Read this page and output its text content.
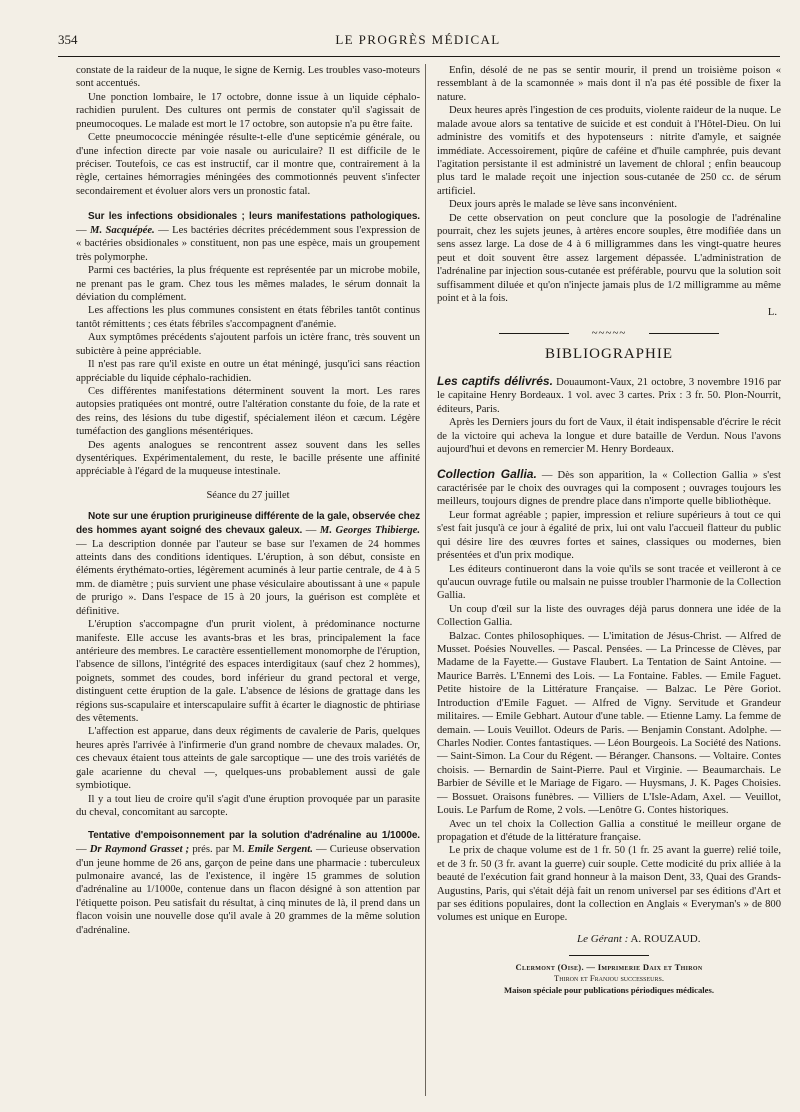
354	LE PROGRÈS MÉDICAL

constate de la raideur de la nuque, le signe de Kernig. Les troubles vaso-moteurs sont accentués.

Une ponction lombaire, le 17 octobre, donne issue à un liquide céphalo-rachidien purulent. Des cultures ont permis de constater qu'il s'agissait de pneumocoques. Le malade est mort le 17 octobre, son autopsie n'a pu être faite.

Cette pneumococcie méningée résulte-t-elle d'une septicémie générale, ou d'une infection directe par voie nasale ou auriculaire? Il est difficile de le préciser. Toutefois, ce cas est instructif, car il montre que, contrairement à la règle, certaines hémorragies méningées des commotionnés peuvent s'infecter secondairement et évoluer alors vers un pronostic fatal.

Sur les infections obsidionales ; leurs manifestations pathologiques. — M. Sacquépée. — Les bactéries décrites précédemment sous l'expression de « bactéries obsidionales » constituent, non pas une espèce, mais un groupement très polymorphe.

Parmi ces bactéries, la plus fréquente est représentée par un microbe mobile, ne prenant pas le gram. Chez tous les mêmes malades, le sérum donnait la déviation du complément.

Les affections les plus communes consistent en états fébriles tantôt continus tantôt rémittents ; ces états fébriles s'accompagnent d'anémie.

Aux symptômes précédents s'ajoutent parfois un ictère franc, très souvent un subictère à peine appréciable.

Il n'est pas rare qu'il existe en outre un état méningé, jusqu'ici sans réaction appréciable du liquide céphalo-rachidien.

Ces différentes manifestations déterminent souvent la mort. Les rares autopsies pratiquées ont montré, outre l'altération constante du foie, de la rate et des reins, des lésions du tube digestif, spécialement iléon et cæcum. Légère tuméfaction des ganglions mésentériques.

Des agents analogues se rencontrent assez souvent dans les selles dysentériques. Expérimentalement, du reste, le bacille présente une affinité appréciable à l'égard de la muqueuse intestinale.

Séance du 27 juillet

Note sur une éruption prurigineuse différente de la gale, observée chez des hommes ayant soigné des chevaux galeux. — M. Georges Thibierge. — La description donnée par l'auteur se base sur l'examen de 24 hommes atteints dans des conditions identiques. L'éruption, à son début, consiste en éléments érythémato-orties, légèrement acuminés à leur partie centrale, de 4 à 5 mm. de diamètre ; puis survient une phase vésiculaire aboutissant à une « papule de prurigo ». Dans l'espace de 15 à 20 jours, la guérison est complète et définitive.

L'éruption s'accompagne d'un prurit violent, à prédominance nocturne manifeste. Elle accuse les avants-bras et les bras, principalement la face antérieure des membres. Le caractère essentiellement monomorphe de l'éruption, l'absence de sillons, l'intégrité des espaces interdigitaux (sauf chez 2 hommes), poignets, sommet des coudes, bord inférieur du grand pectoral et verge, distinguent cette éruption de la gale. L'absence de lésions de grattage dans les régions sus-scapulaire et interscapulaire suffit à écarter le diagnostic de phtiriase des vêtements.

L'affection est apparue, dans deux régiments de cavalerie de Paris, quelques heures après l'arrivée à l'infirmerie d'un grand nombre de chevaux malades. Or, ces chevaux étaient tous atteints de gale sarcoptique — une des trois variétés de gale acarienne du cheval —, quelques-uns probablement aussi de gale symbiotique.

Il y a tout lieu de croire qu'il s'agit d'une éruption provoquée par un parasite du cheval, concomitant au sarcopte.

Tentative d'empoisonnement par la solution d'adrénaline au 1/1000e. — Dr Raymond Grasset ; prés. par M. Emile Sergent. — Curieuse observation d'un jeune homme de 26 ans, garçon de peine dans une pharmacie : tuberculeux pulmonaire avancé, las de l'existence, il ingère 15 grammes de solution d'adrénaline au 1/1000e, contenue dans un flacon désigné à son attention par l'étiquette poison. Peu satisfait du résultat, à cinq minutes de là, il prend dans un flacon voisin une nouvelle dose qu'il avale à 20 grammes de la même solution d'adrénaline.

Enfin, désolé de ne pas se sentir mourir, il prend un troisième poison « ressemblant à de la scamonnée » mais dont il n'a pas été possible de fixer la nature.

Deux heures après l'ingestion de ces produits, violente raideur de la nuque. Le malade avoue alors sa tentative de suicide et est conduit à l'Hôtel-Dieu. On lui administre des vomitifs et des hypotenseurs : nitrite d'amyle, et saignée immédiate. Accessoirement, piqûre de caféine et d'huile camphrée, puis devant l'agitation persistante il est administré un lavement de chloral ; enfin beaucoup plus tard le malade reçoit une injection sous-cutanée de 250 cc. de sérum artificiel.

Deux jours après le malade se lève sans inconvénient.

De cette observation on peut conclure que la posologie de l'adrénaline pourrait, chez les sujets jeunes, à artères encore souples, être modifiée dans un sens assez large. La dose de 4 à 6 milligrammes dans les vingt-quatre heures peut et doit souvent être assez largement dépassée. L'administration de l'adrénaline par injection sous-cutanée est préférable, pourvu que la solution soit suffisamment diluée et qu'on n'injecte jamais plus de 1/2 milligramme au même point et à la fois.

L.
~~~~~
BIBLIOGRAPHIE

Les captifs délivrés. Douaumont-Vaux, 21 octobre, 3 novembre 1916 par le capitaine Henry Bordeaux. 1 vol. avec 3 cartes. Prix : 3 fr. 50. Plon-Nourrit, éditeurs, Paris.

Après les Derniers jours du fort de Vaux, il était indispensable d'écrire le récit de la victoire qui acheva la longue et dure bataille de Verdun. Nous l'avons aujourd'hui et devons en remercier M. Henry Bordeaux.

Collection Gallia. — Dès son apparition, la « Collection Gallia » s'est caractérisée par le choix des ouvrages qui la composent ; ouvrages toujours les meilleurs, toujours dignes de prendre place dans n'importe quelle bibliothèque.

Leur format agréable ; papier, impression et reliure supérieurs à tout ce qui s'est fait jusqu'à ce jour à égalité de prix, lui ont valu l'accueil flatteur du public qui désire lire des œuvres fortes et saines, classiques ou modernes, bien présentées et d'un prix modique.

Les éditeurs continueront dans la voie qu'ils se sont tracée et veilleront à ce qu'aucun ouvrage futile ou malsain ne puisse troubler l'harmonie de la Collection Gallia.

Un coup d'œil sur la liste des ouvrages déjà parus donnera une idée de la Collection Gallia.

Balzac. Contes philosophiques. — L'imitation de Jésus-Christ. — Alfred de Musset. Poésies Nouvelles. — Pascal. Pensées. — La Princesse de Clèves, par Madame de la Fayette.— Gustave Flaubert. La Tentation de Saint Antoine. — Maurice Barrès. L'Ennemi des Lois. — La Fontaine. Fables. — Emile Faguet. Petite histoire de la Littérature Française. — Balzac. Le Père Goriot. Introduction d'Emile Faguet. — Alfred de Vigny. Servitude et Grandeur militaires. — Emile Gebhart. Autour d'une table. — Etienne Lamy. La femme de demain. — Louis Veuillot. Odeurs de Paris. — Benjamin Constant. Adolphe. — Charles Nodier. Contes fantastiques. — Léon Bourgeois. La Société des Nations. — Saint-Simon. La Cour du Régent. — Béranger. Chansons. — Voltaire. Contes choisis. — Bernardin de Saint-Pierre. Paul et Virginie. — Beaumarchais. Le Barbier de Séville et le Mariage de Figaro. — Huysmans, J. K. Pages Choisies. — Bossuet. Oraisons funèbres. — Villiers de L'Isle-Adam, Axel. — Veuillot, Louis. Le Parfum de Rome, 2 vols. —Lenôtre G. Contes historiques.

Avec un tel choix la Collection Gallia a constitué le meilleur organe de propagation et d'étude de la littérature française.

Le prix de chaque volume est de 1 fr. 50 (1 fr. 25 avant la guerre) relié toile, et de 3 fr. 50 (3 fr. avant la guerre) cuir souple. Cette modicité du prix alliée à la beauté de l'exécution fait grand honneur à la maison Dent, 33, Quai des Grands-Augustins, Paris, qui s'était déjà fait un renom universel par ses éditions d'Art et par ses éditions populaires, dont la collection en Anglais « Everyman's » de 800 volumes est unique en Europe.

Le Gérant : A. ROUZAUD.
Clermont (Oise). — Imprimerie Daix et Thiron
Thiron et Franjou successeurs.
Maison spéciale pour publications périodiques médicales.
